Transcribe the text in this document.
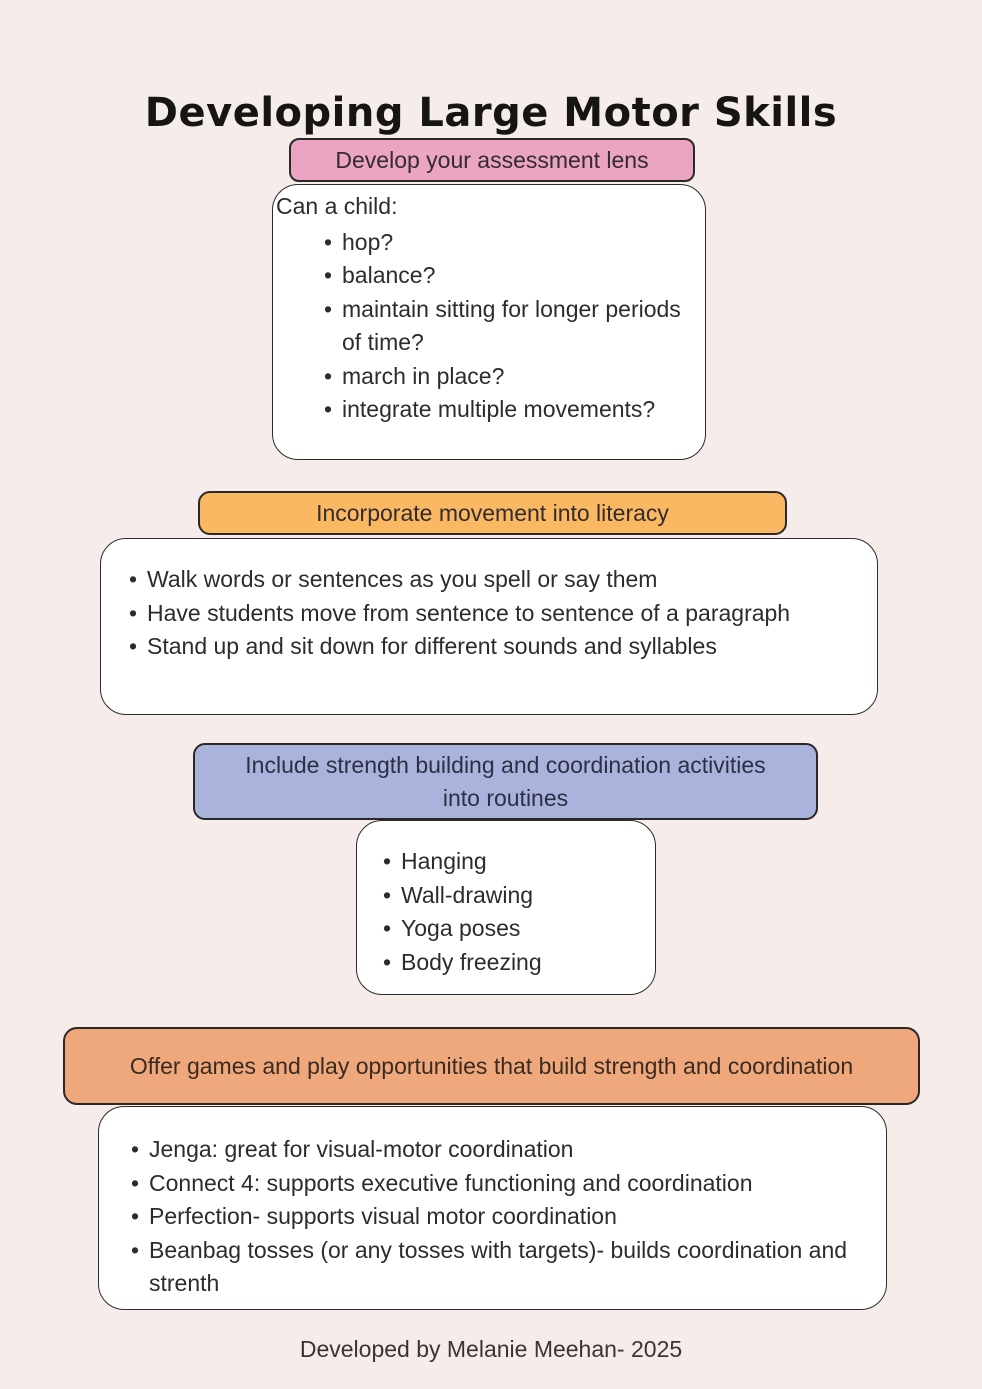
Developing Large Motor Skills
Develop your assessment lens

Can a child:

• hop?
• balance?
• maintain sitting for longer periods of time?
• march in place?
• integrate multiple movements?
Incorporate movement into literacy
• Walk words or sentences as you spell or say them
• Have students move from sentence to sentence of a paragraph
• Stand up and sit down for different sounds and syllables
Include strength building and coordination activities into routines
• Hanging
• Wall-drawing
• Yoga poses
• Body freezing
Offer games and play opportunities that build strength and coordination
• Jenga: great for visual-motor coordination
• Connect 4: supports executive functioning and coordination
• Perfection- supports visual motor coordination
• Beanbag tosses (or any tosses with targets)- builds coordination and strenth
Developed by Melanie Meehan- 2025
